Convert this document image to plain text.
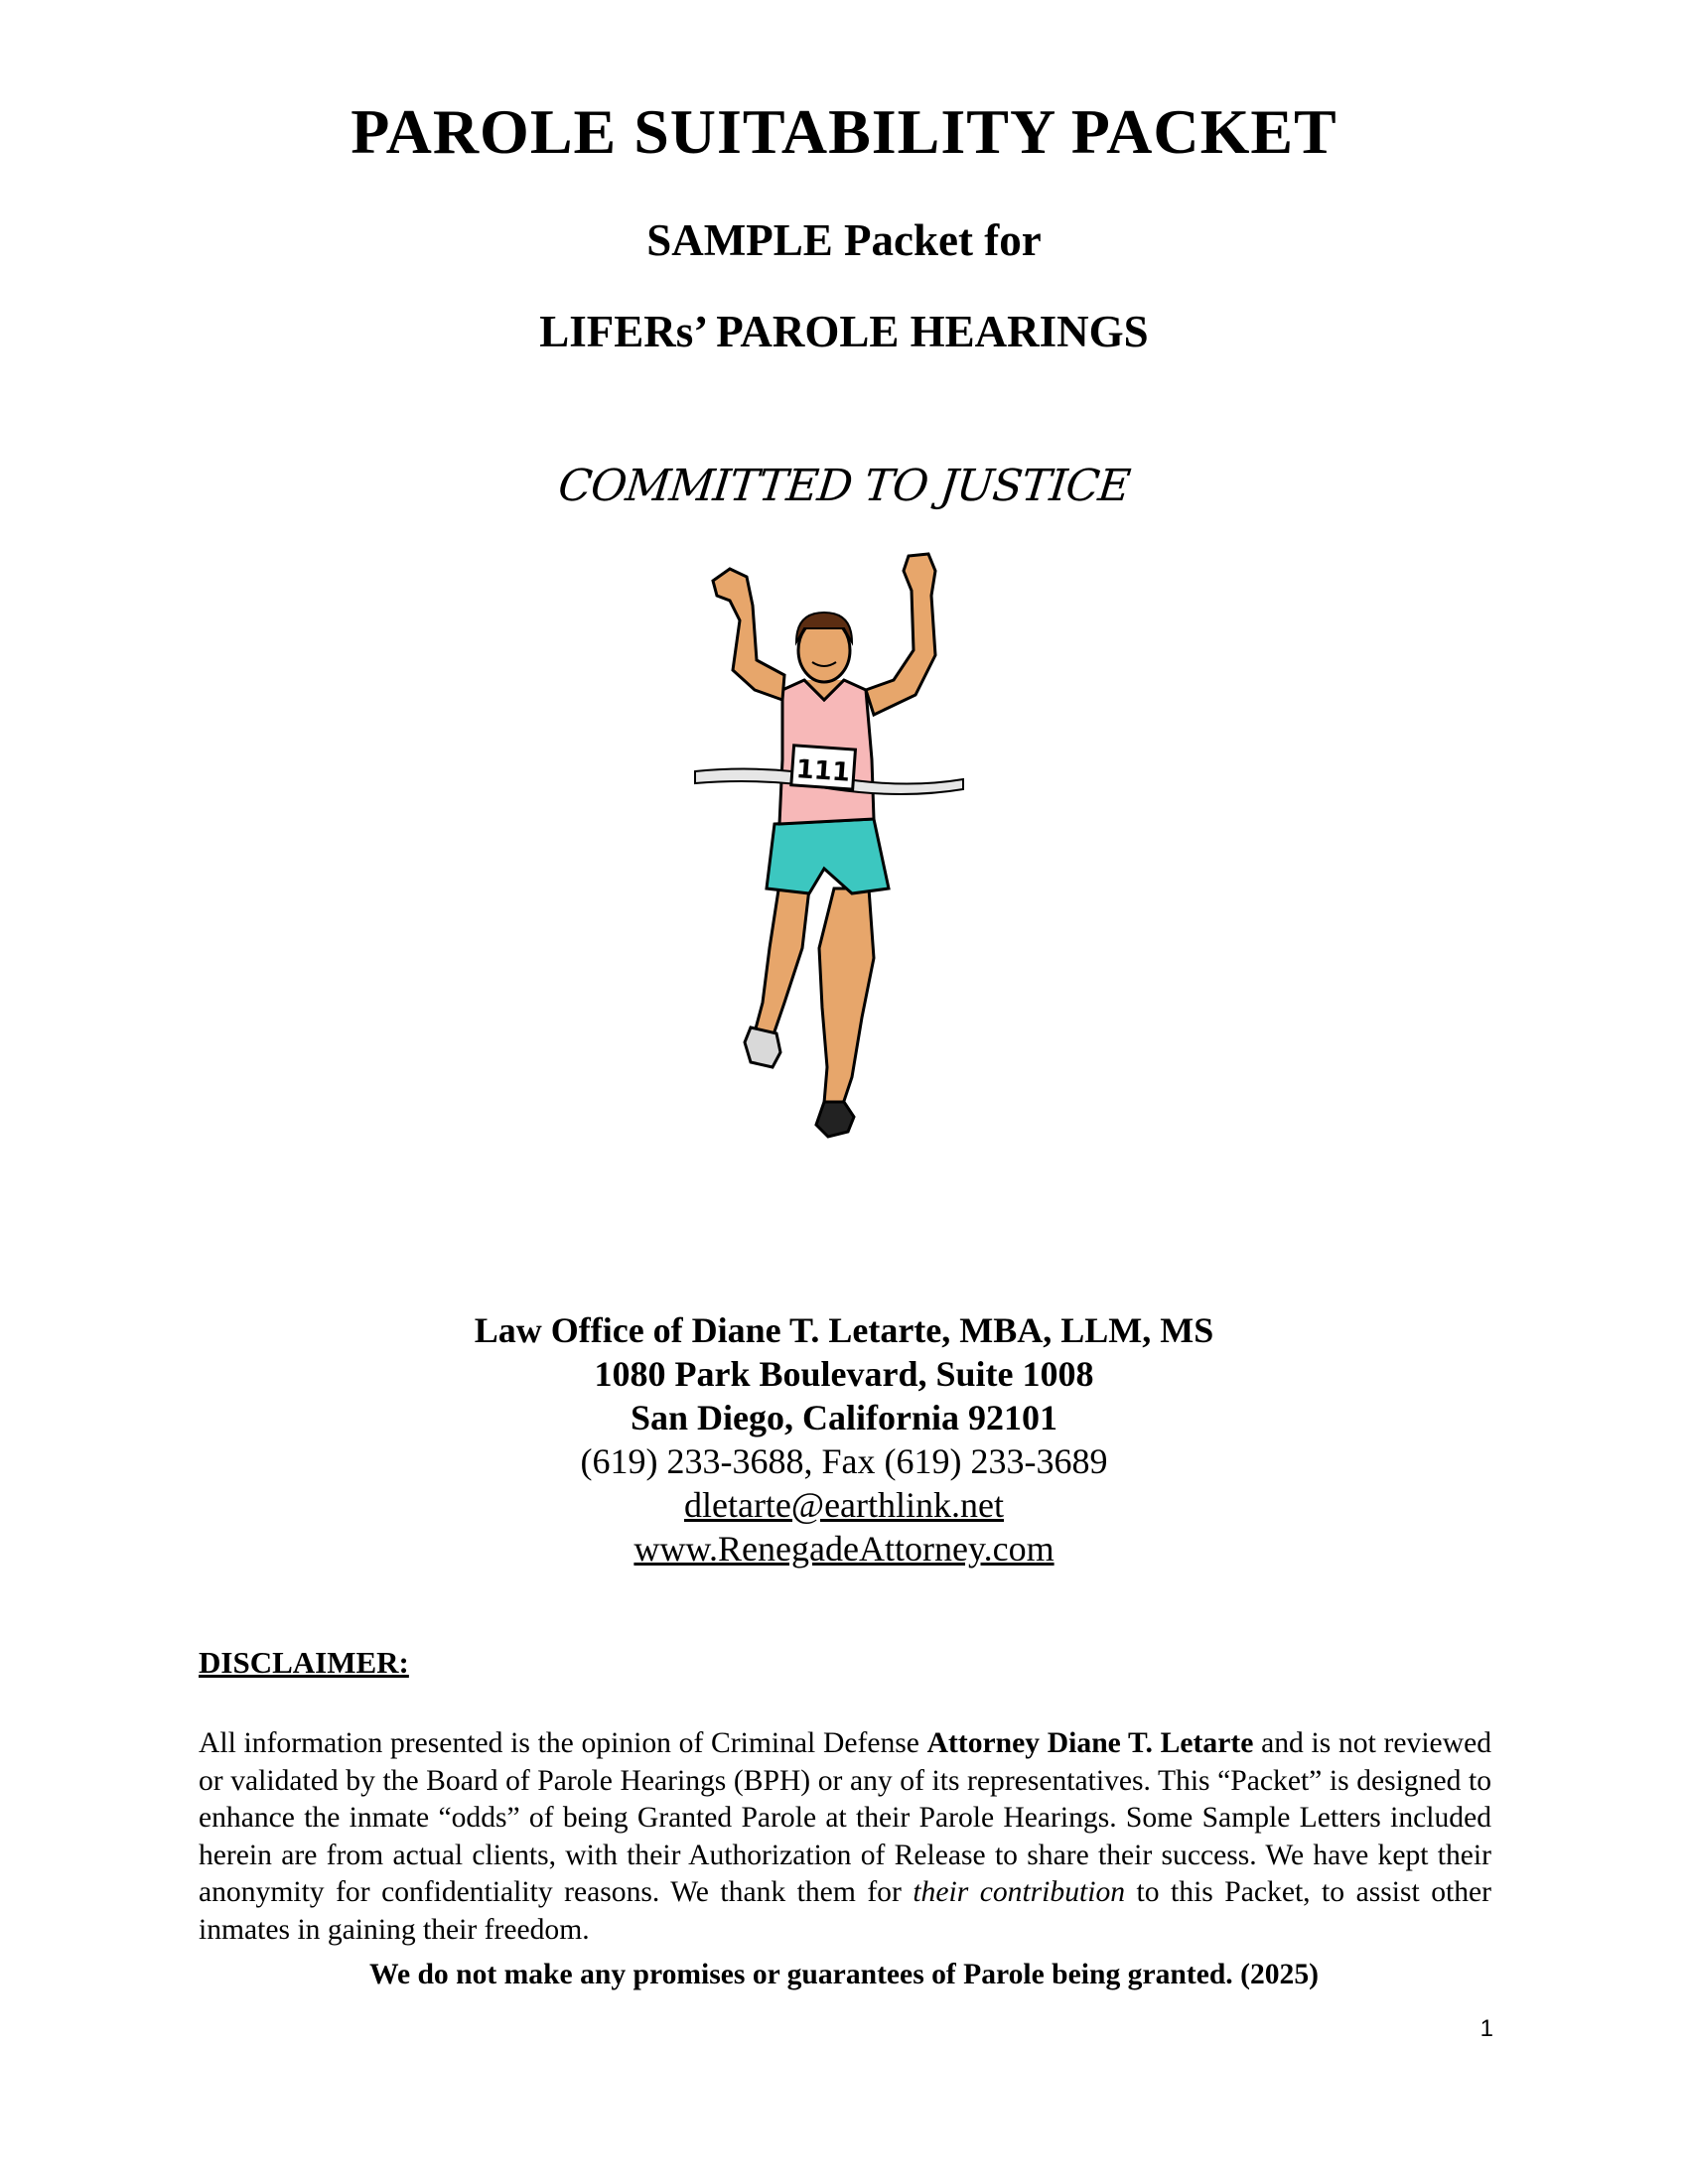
PAROLE SUITABILITY PACKET
SAMPLE Packet for
LIFERs’ PAROLE HEARINGS
COMMITTED TO JUSTICE
111
Law Office of Diane T. Letarte, MBA, LLM, MS
1080 Park Boulevard, Suite 1008
San Diego, California 92101
(619) 233-3688, Fax (619) 233-3689
dletarte@earthlink.net
www.RenegadeAttorney.com
DISCLAIMER:
All information presented is the opinion of Criminal Defense Attorney Diane T. Letarte and is not reviewed or validated by the Board of Parole Hearings (BPH) or any of its representatives. This “Packet” is designed to enhance the inmate “odds” of being Granted Parole at their Parole Hearings. Some Sample Letters included herein are from actual clients, with their Authorization of Release to share their success. We have kept their anonymity for confidentiality reasons. We thank them for their contribution to this Packet, to assist other inmates in gaining their freedom.
We do not make any promises or guarantees of Parole being granted. (2025)
1
